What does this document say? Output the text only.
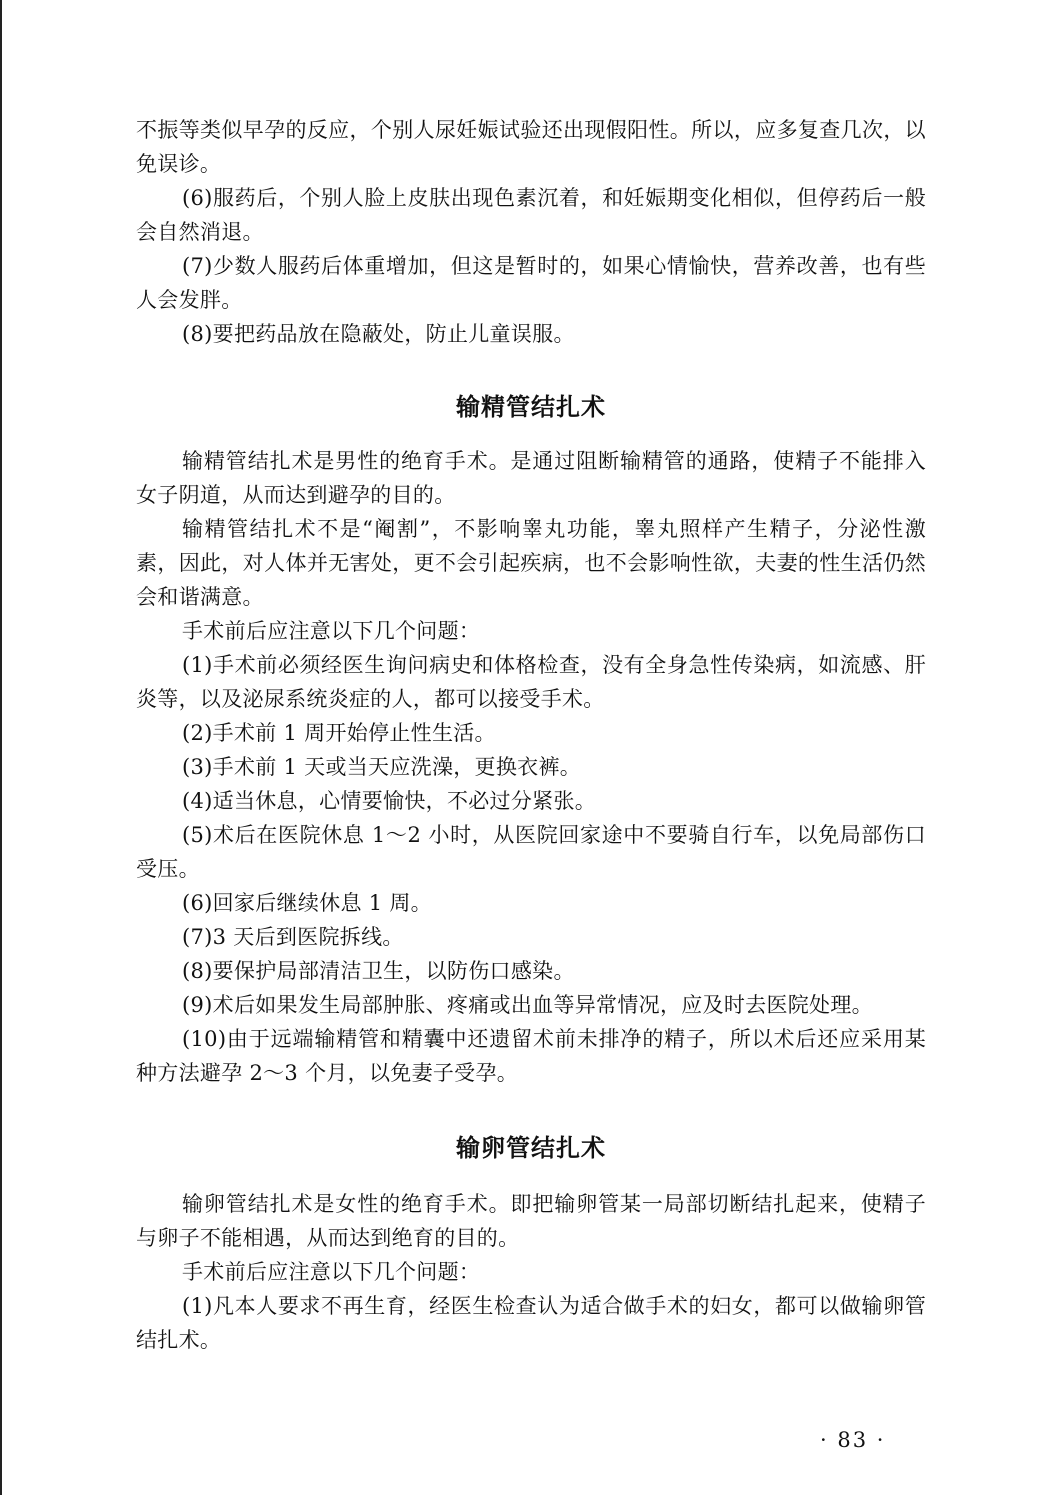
不振等类似早孕的反应，个别人尿妊娠试验还出现假阳性。所以，应多复查几次，以免误诊。

(6)服药后，个别人脸上皮肤出现色素沉着，和妊娠期变化相似，但停药后一般会自然消退。

(7)少数人服药后体重增加，但这是暂时的，如果心情愉快，营养改善，也有些人会发胖。

(8)要把药品放在隐蔽处，防止儿童误服。

输精管结扎术

输精管结扎术是男性的绝育手术。是通过阻断输精管的通路，使精子不能排入女子阴道，从而达到避孕的目的。

输精管结扎术不是“阉割”，不影响睾丸功能，睾丸照样产生精子，分泌性激素，因此，对人体并无害处，更不会引起疾病，也不会影响性欲，夫妻的性生活仍然会和谐满意。

手术前后应注意以下几个问题：

(1)手术前必须经医生询问病史和体格检查，没有全身急性传染病，如流感、肝炎等，以及泌尿系统炎症的人，都可以接受手术。

(2)手术前 1 周开始停止性生活。

(3)手术前 1 天或当天应洗澡，更换衣裤。

(4)适当休息，心情要愉快，不必过分紧张。

(5)术后在医院休息 1～2 小时，从医院回家途中不要骑自行车，以免局部伤口受压。

(6)回家后继续休息 1 周。

(7)3 天后到医院拆线。

(8)要保护局部清洁卫生，以防伤口感染。

(9)术后如果发生局部肿胀、疼痛或出血等异常情况，应及时去医院处理。

(10)由于远端输精管和精囊中还遗留术前未排净的精子，所以术后还应采用某种方法避孕 2～3 个月，以免妻子受孕。

输卵管结扎术

输卵管结扎术是女性的绝育手术。即把输卵管某一局部切断结扎起来，使精子与卵子不能相遇，从而达到绝育的目的。

手术前后应注意以下几个问题：

(1)凡本人要求不再生育，经医生检查认为适合做手术的妇女，都可以做输卵管结扎术。

· 83 ·
